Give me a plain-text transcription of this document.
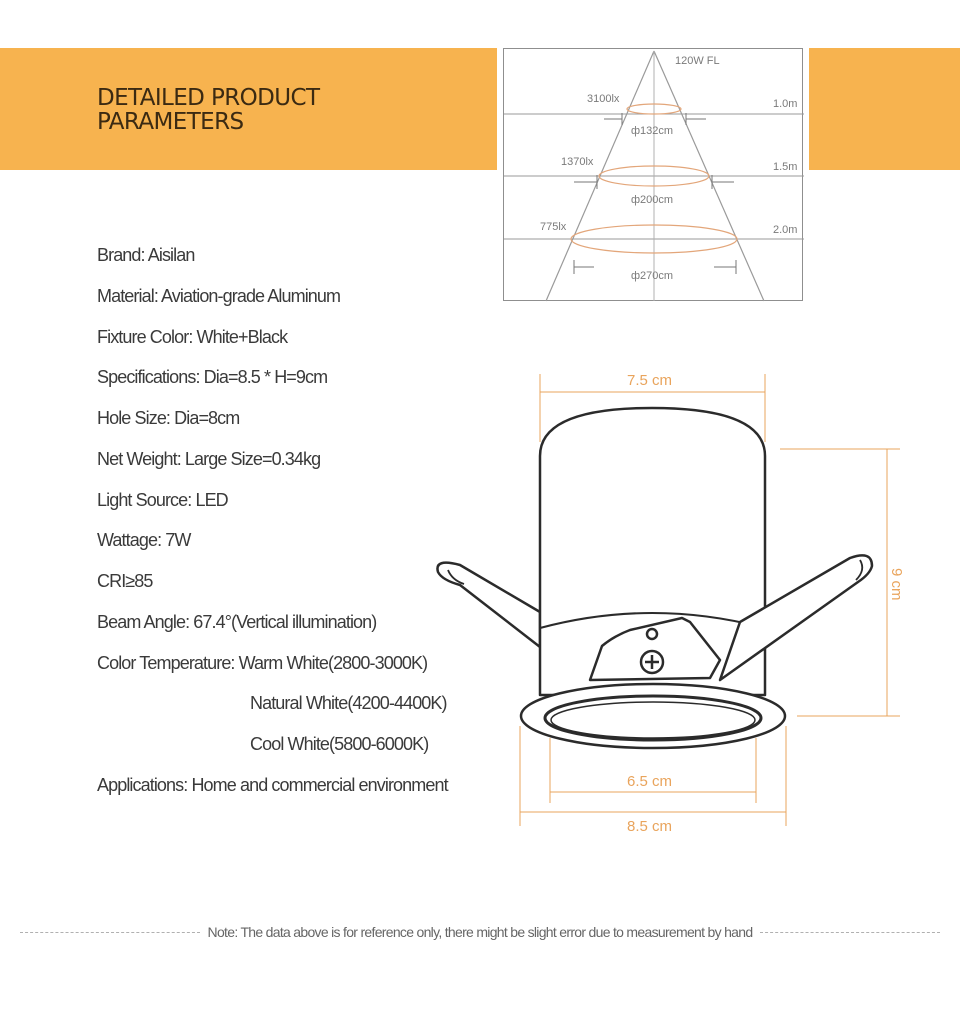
DETAILED PRODUCT
PARAMETERS
120W FL
3100lx	1.0m
ф132cm
1370lx	1.5m
ф200cm
775lx	2.0m
ф270cm
Brand: Aisilan
Material: Aviation-grade Aluminum
Fixture Color: White+Black
Specifications: Dia=8.5 * H=9cm
Hole Size: Dia=8cm
Net Weight: Large Size=0.34kg
Light Source: LED
Wattage: 7W
CRI≥85
Beam Angle: 67.4°(Vertical illumination)
Color Temperature: Warm White(2800-3000K)
Natural White(4200-4400K)
Cool White(5800-6000K)
Applications: Home and commercial environment
7.5 cm
9 cm
6.5 cm
8.5 cm
Note: The data above is for reference only, there might be slight error due to measurement by hand
